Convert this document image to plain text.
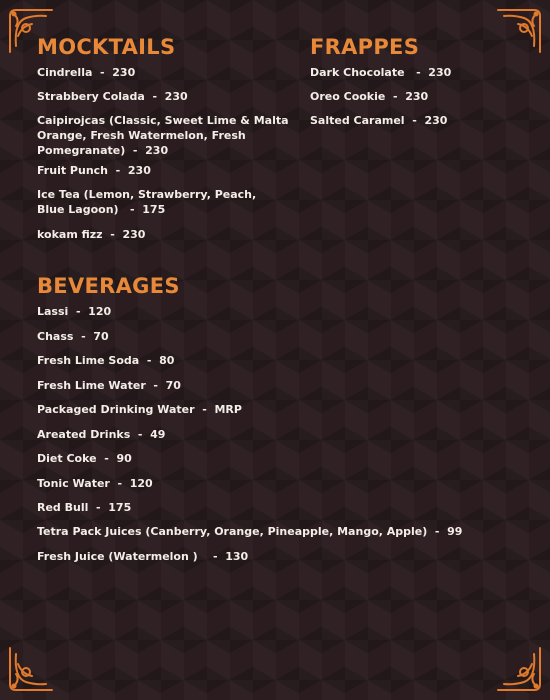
MOCKTAILS

Cindrella  -  230

Strabbery Colada  -  230

Caipirojcas (Classic, Sweet Lime & Malta
Orange, Fresh Watermelon, Fresh
Pomegranate)  -  230

Fruit Punch  -  230

Ice Tea (Lemon, Strawberry, Peach,
Blue Lagoon)   -  175

kokam fizz  -  230

FRAPPES

Dark Chocolate   -  230

Oreo Cookie  -  230

Salted Caramel  -  230

BEVERAGES

Lassi  -  120

Chass  -  70

Fresh Lime Soda  -  80

Fresh Lime Water  -  70

Packaged Drinking Water  -  MRP

Areated Drinks  -  49

Diet Coke  -  90

Tonic Water  -  120

Red Bull  -  175

Tetra Pack Juices (Canberry, Orange, Pineapple, Mango, Apple)  -  99

Fresh Juice (Watermelon )    -  130
